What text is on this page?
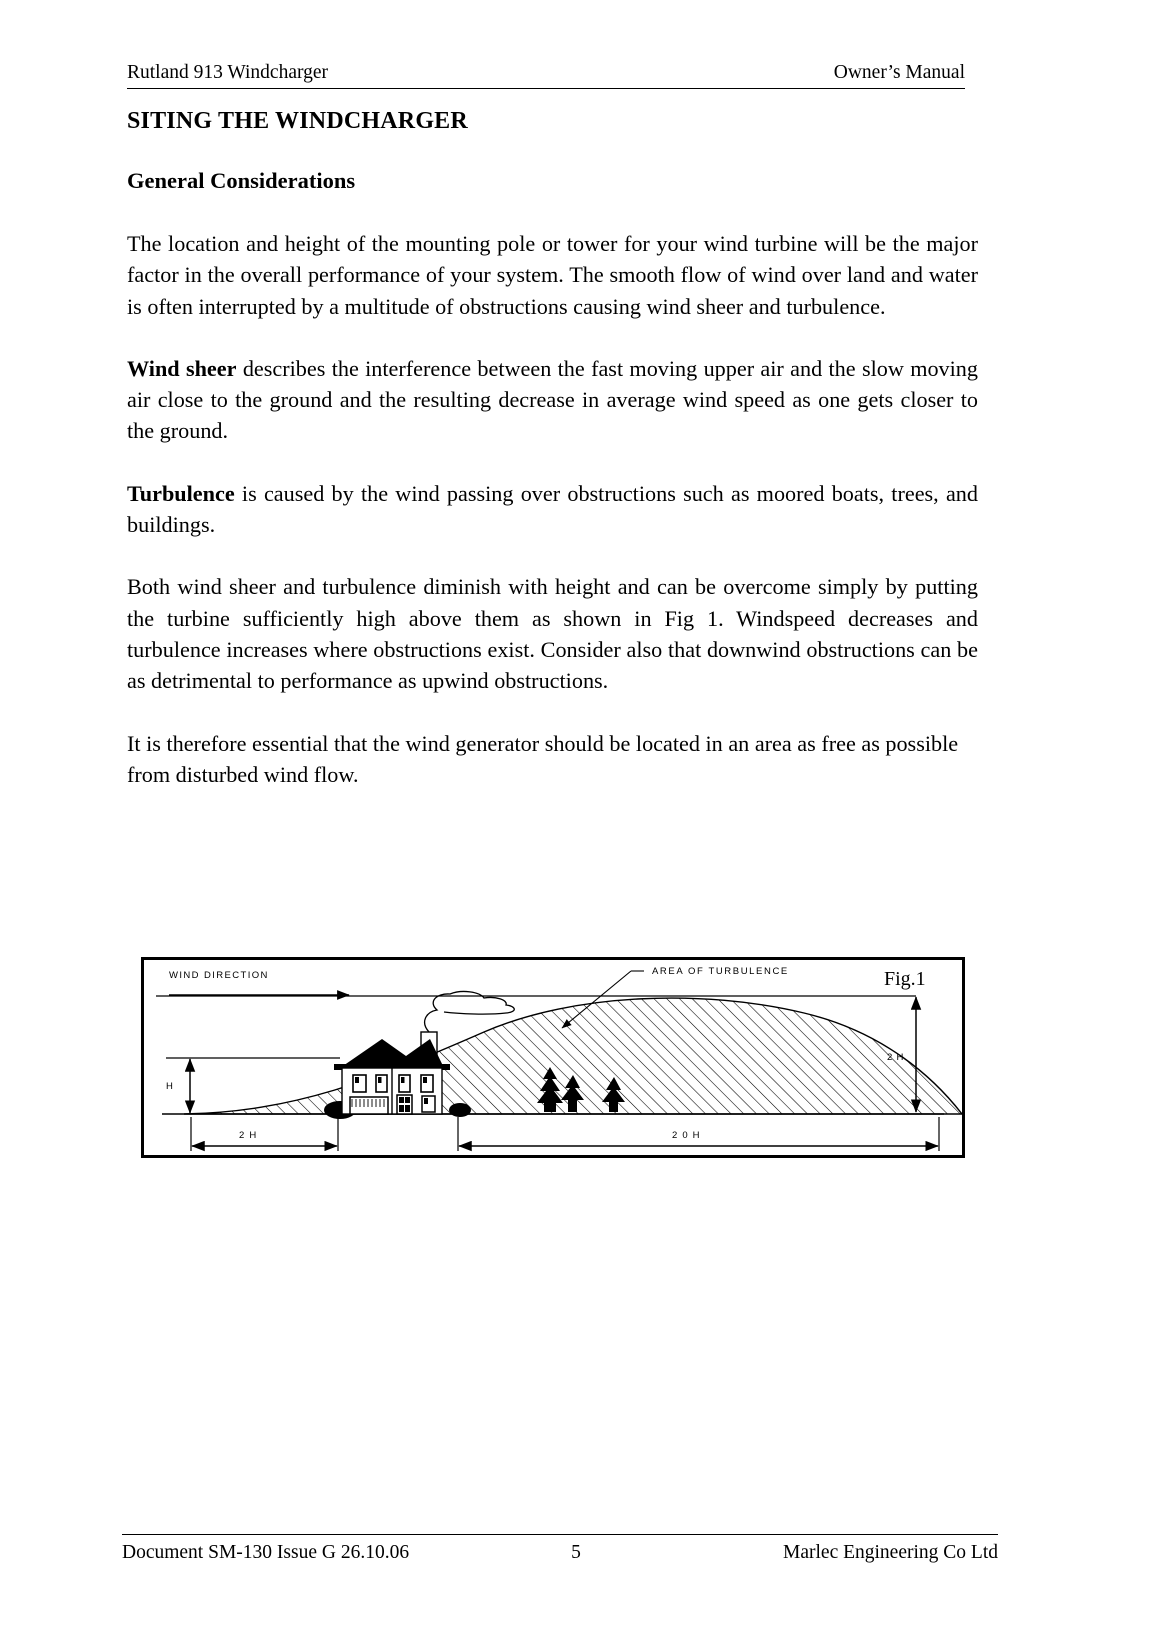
Rutland 913 Windcharger	Owner’s Manual
SITING THE WINDCHARGER
General Considerations

The location and height of the mounting pole or tower for your wind turbine will be the major factor in the overall performance of your system. The smooth flow of wind over land and water is often interrupted by a multitude of obstructions causing wind sheer and turbulence.

Wind sheer describes the interference between the fast moving upper air and the slow moving air close to the ground and the resulting decrease in average wind speed as one gets closer to the ground.

Turbulence is caused by the wind passing over obstructions such as moored boats, trees, and buildings.

Both wind sheer and turbulence diminish with height and can be overcome simply by putting the turbine sufficiently high above them as shown in Fig 1. Windspeed decreases and turbulence increases where obstructions exist. Consider also that downwind obstructions can be as detrimental to performance as upwind obstructions.

It is therefore essential that the wind generator should be located in an area as free as possible from disturbed wind flow.

WIND DIRECTION	AREA OF TURBULENCE
H
2 H
2 H	2 0 H
Fig.1
Document SM-130 Issue G 26.10.06	5	Marlec Engineering Co Ltd
